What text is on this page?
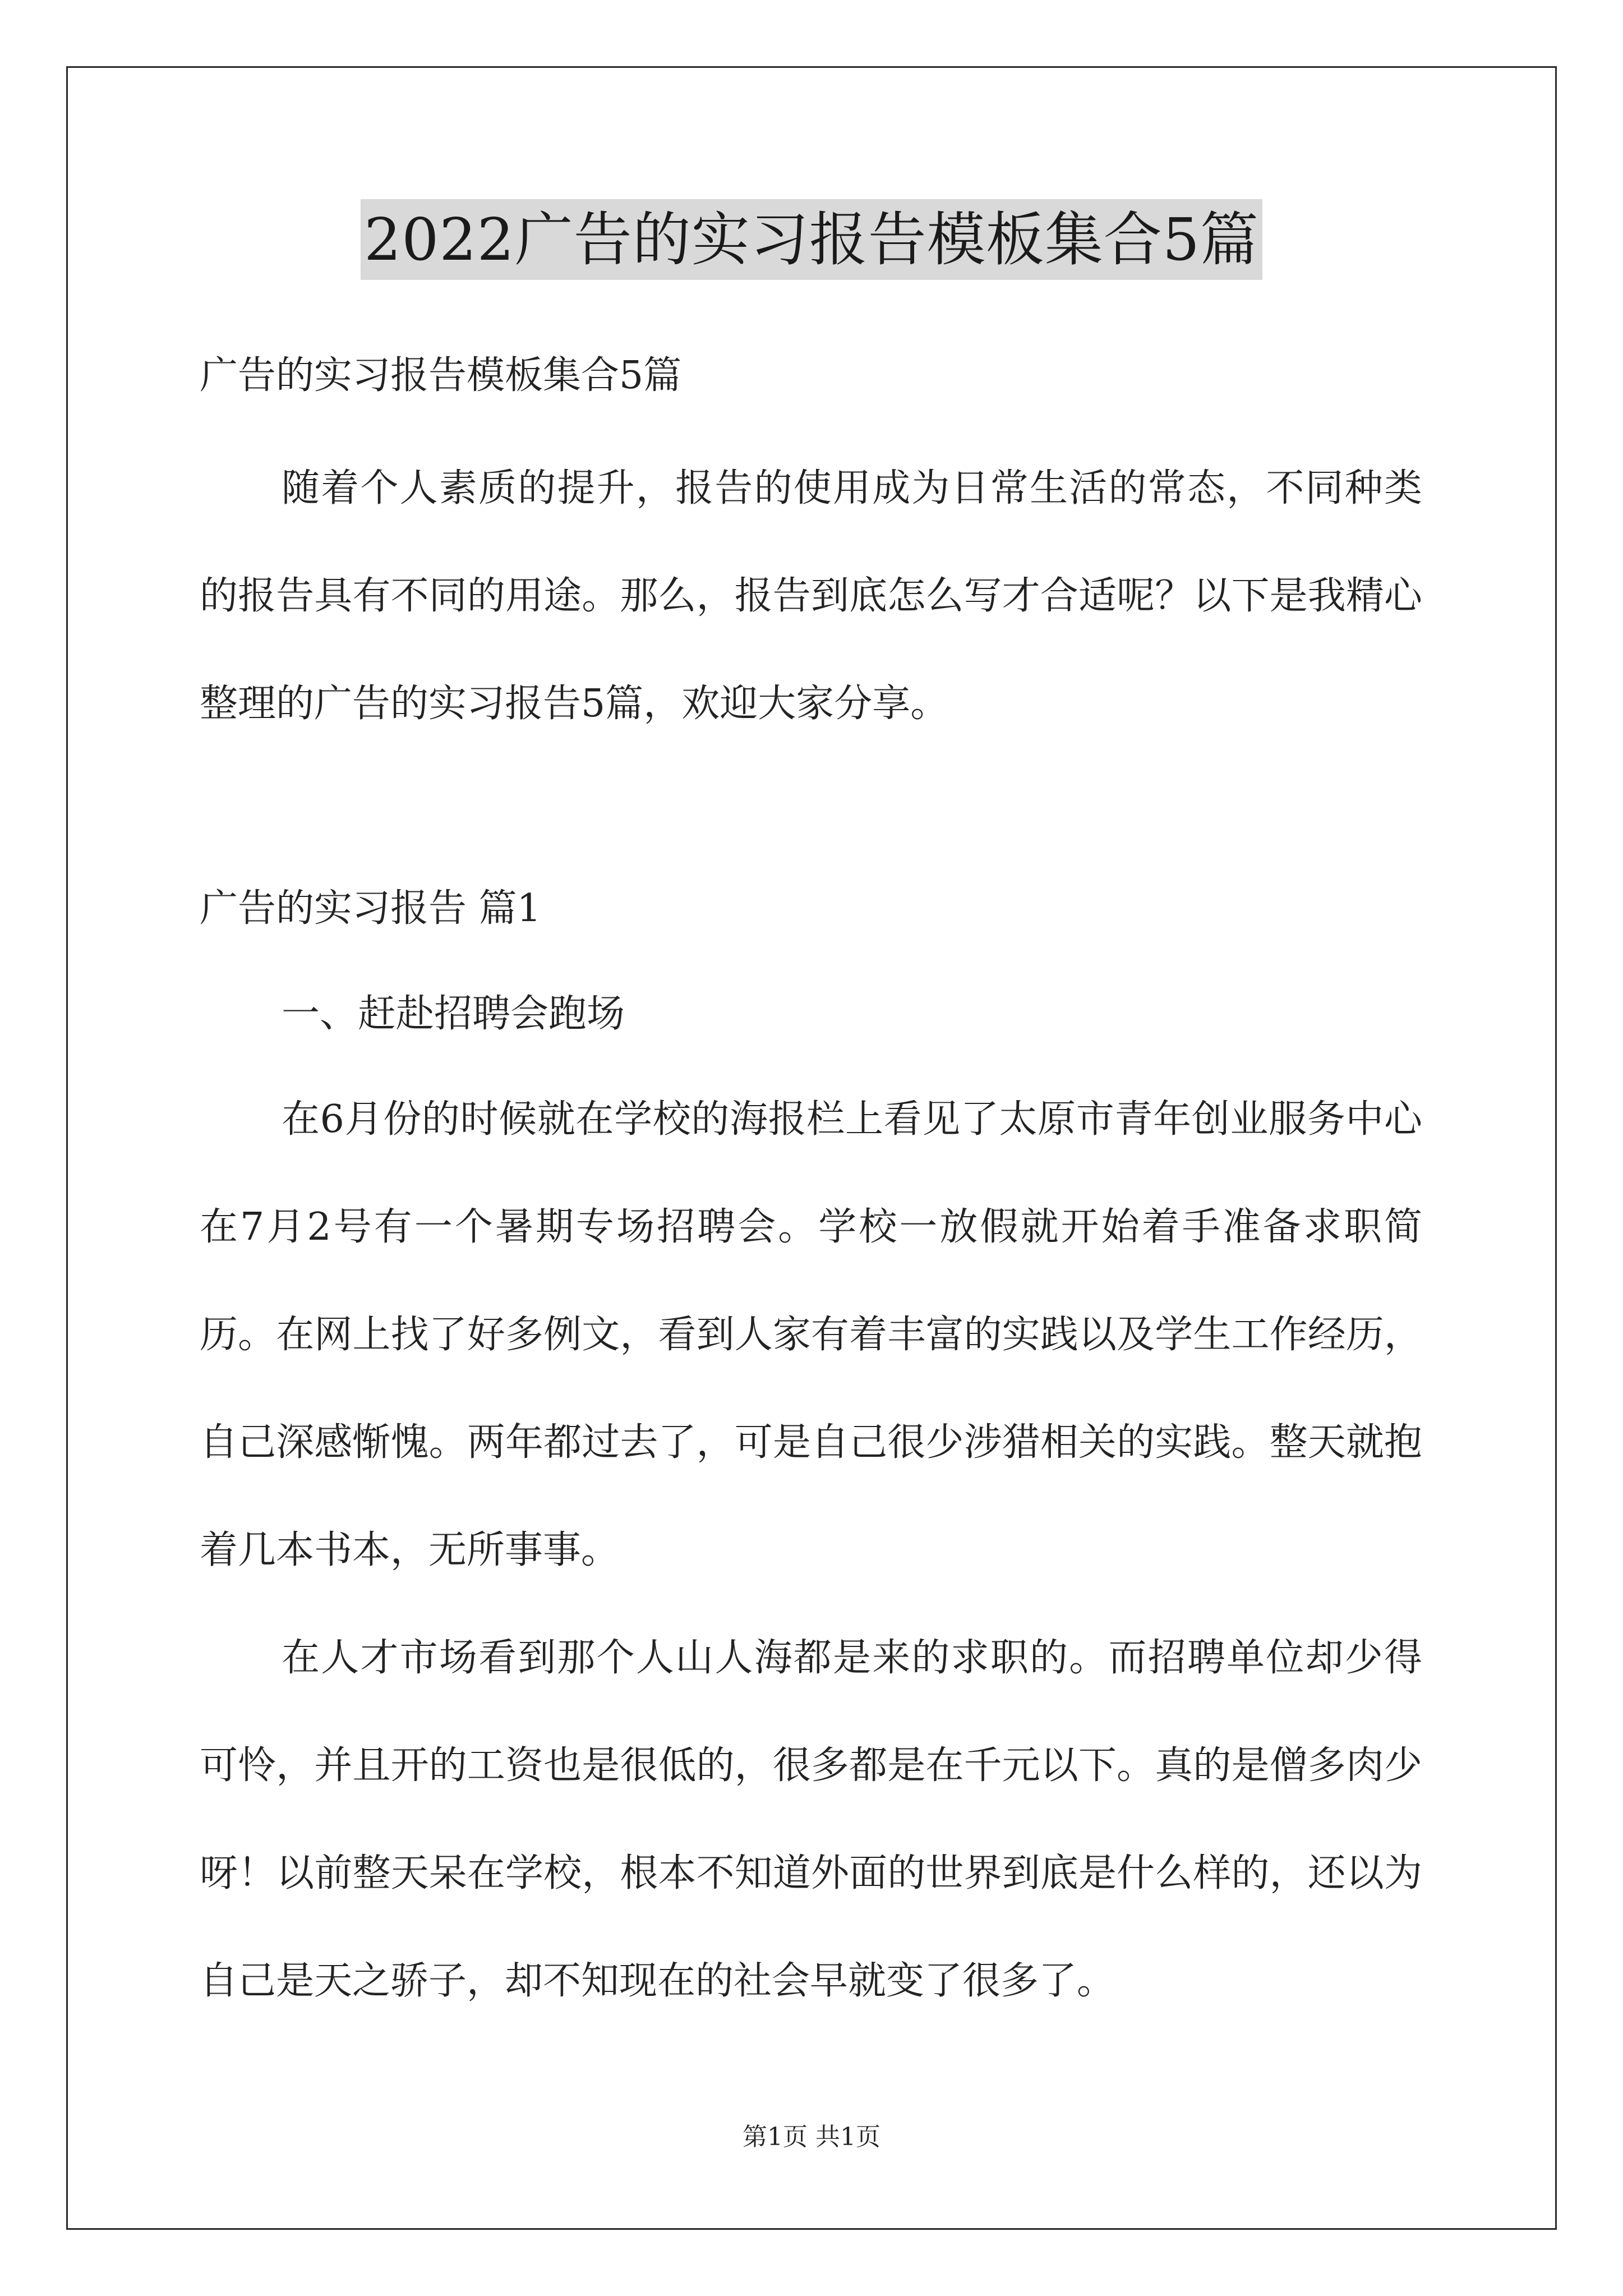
2022广告的实习报告模板集合5篇
广告的实习报告模板集合5篇
随着个人素质的提升，报告的使用成为日常生活的常态，不同种类的报告具有不同的用途。那么，报告到底怎么写才合适呢？以下是我精心整理的广告的实习报告5篇，欢迎大家分享。
广告的实习报告 篇1
一、赶赴招聘会跑场
在6月份的时候就在学校的海报栏上看见了太原市青年创业服务中心在7月2号有一个暑期专场招聘会。学校一放假就开始着手准备求职简历。在网上找了好多例文，看到人家有着丰富的实践以及学生工作经历，自己深感惭愧。两年都过去了，可是自己很少涉猎相关的实践。整天就抱着几本书本，无所事事。
在人才市场看到那个人山人海都是来的求职的。而招聘单位却少得可怜，并且开的工资也是很低的，很多都是在千元以下。真的是僧多肉少呀！以前整天呆在学校，根本不知道外面的世界到底是什么样的，还以为自己是天之骄子，却不知现在的社会早就变了很多了。
第1页 共1页
